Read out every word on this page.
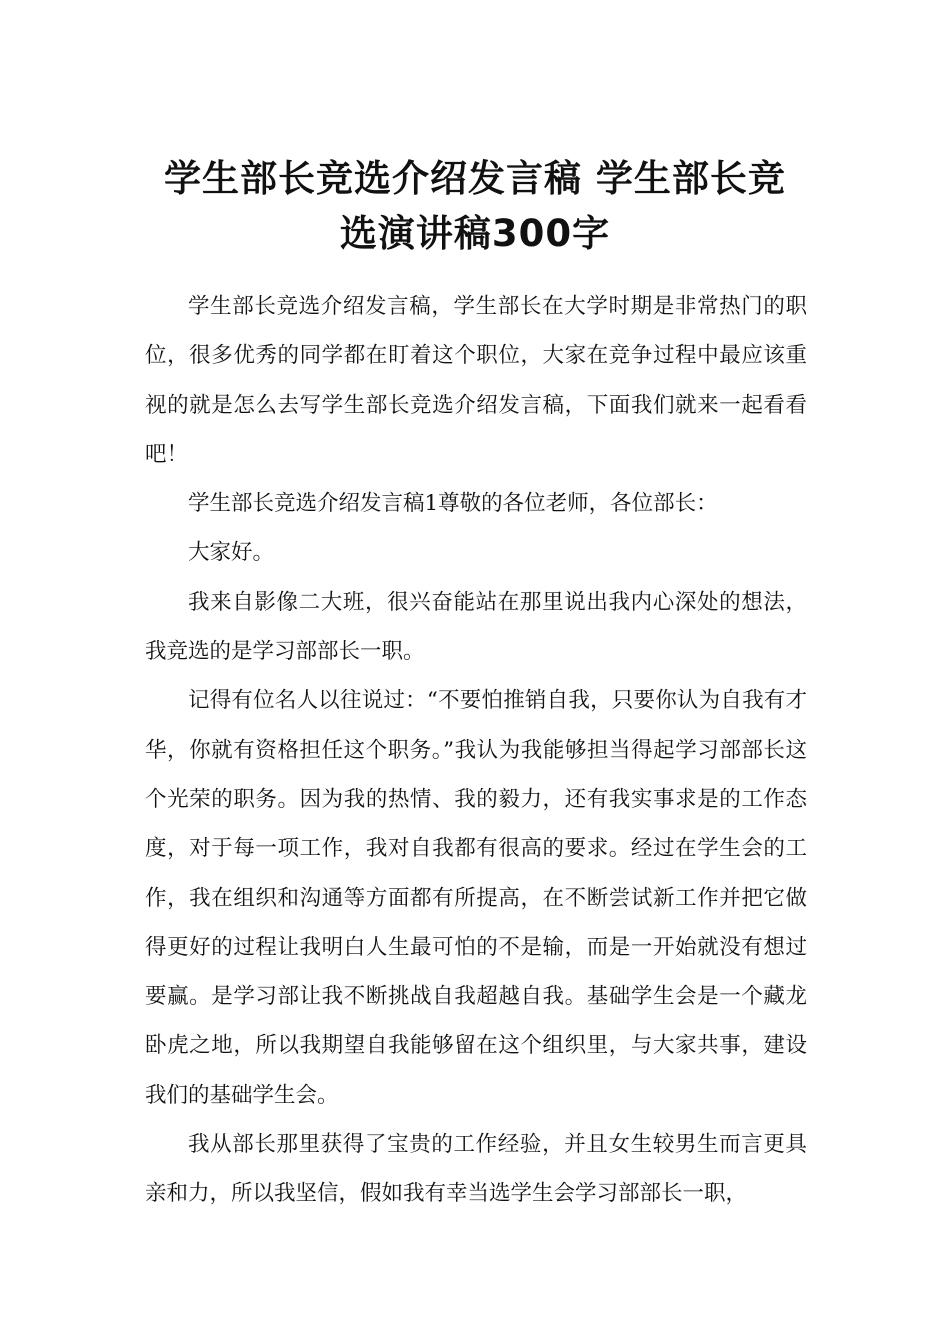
学生部长竞选介绍发言稿 学生部长竞
选演讲稿300字

学生部长竞选介绍发言稿，学生部长在大学时期是非常热门的职位，很多优秀的同学都在盯着这个职位，大家在竞争过程中最应该重视的就是怎么去写学生部长竞选介绍发言稿，下面我们就来一起看看吧！

学生部长竞选介绍发言稿1尊敬的各位老师，各位部长：

大家好。

我来自影像二大班，很兴奋能站在那里说出我内心深处的想法，我竞选的是学习部部长一职。

记得有位名人以往说过：“不要怕推销自我，只要你认为自我有才华，你就有资格担任这个职务。”我认为我能够担当得起学习部部长这个光荣的职务。因为我的热情、我的毅力，还有我实事求是的工作态度，对于每一项工作，我对自我都有很高的要求。经过在学生会的工作，我在组织和沟通等方面都有所提高，在不断尝试新工作并把它做得更好的过程让我明白人生最可怕的不是输，而是一开始就没有想过要赢。是学习部让我不断挑战自我超越自我。基础学生会是一个藏龙卧虎之地，所以我期望自我能够留在这个组织里，与大家共事，建设我们的基础学生会。

我从部长那里获得了宝贵的工作经验，并且女生较男生而言更具亲和力，所以我坚信，假如我有幸当选学生会学习部部长一职，
